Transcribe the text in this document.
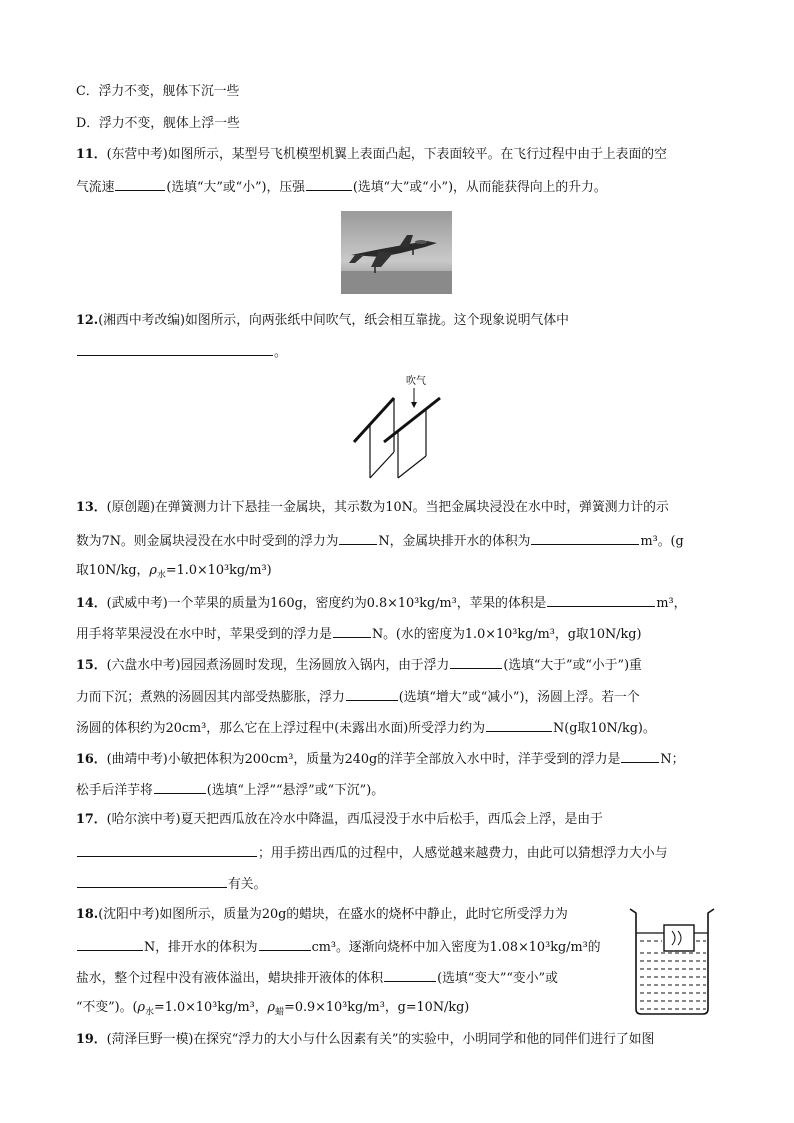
C．浮力不变，舰体下沉一些
D．浮力不变，舰体上浮一些
11．(东营中考)如图所示，某型号飞机模型机翼上表面凸起，下表面较平。在飞行过程中由于上表面的空
气流速	(选填“大”或“小”)，压强	(选填“大”或“小”)，从而能获得向上的升力。
12.(湘西中考改编)如图所示，向两张纸中间吹气，纸会相互靠拢。这个现象说明气体中
。
吹气
13．(原创题)在弹簧测力计下悬挂一金属块，其示数为10N。当把金属块浸没在水中时，弹簧测力计的示
数为7N。则金属块浸没在水中时受到的浮力为	N，金属块排开水的体积为	m³。(g
取10N/kg，$\rho_水=1.0\times 10^3kg/m^3$)
14．(武威中考)一个苹果的质量为160g，密度约为0.8×10³kg/m³，苹果的体积是	m³，
用手将苹果浸没在水中时，苹果受到的浮力是	N。(水的密度为1.0×10³kg/m³，g取10N/kg)
15．(六盘水中考)园园煮汤圆时发现，生汤圆放入锅内，由于浮力	(选填“大于”或“小于”)重
力而下沉；煮熟的汤圆因其内部受热膨胀，浮力	(选填“增大”或“减小”)，汤圆上浮。若一个
汤圆的体积约为20cm³，那么它在上浮过程中(未露出水面)所受浮力约为	N(g取10N/kg)。
16．(曲靖中考)小敏把体积为200cm³，质量为240g的洋芋全部放入水中时，洋芋受到的浮力是	N；
松手后洋芋将	(选填“上浮”“悬浮”或“下沉”)。
17．(哈尔滨中考)夏天把西瓜放在冷水中降温，西瓜浸没于水中后松手，西瓜会上浮，是由于
；用手捞出西瓜的过程中，人感觉越来越费力，由此可以猜想浮力大小与
有关。
18.(沈阳中考)如图所示，质量为20g的蜡块，在盛水的烧杯中静止，此时它所受浮力为
N，排开水的体积为	cm³。逐渐向烧杯中加入密度为1.08×10³kg/m³的
盐水，整个过程中没有液体溢出，蜡块排开液体的体积	(选填“变大”“变小”或
“不变”)。($\rho_水=1.0\times 10^3kg/m^3$，$\rho_蜡=0.9\times 10^3kg/m^3$，g=10N/kg)
19．(菏泽巨野一模)在探究“浮力的大小与什么因素有关”的实验中，小明同学和他的同伴们进行了如图
